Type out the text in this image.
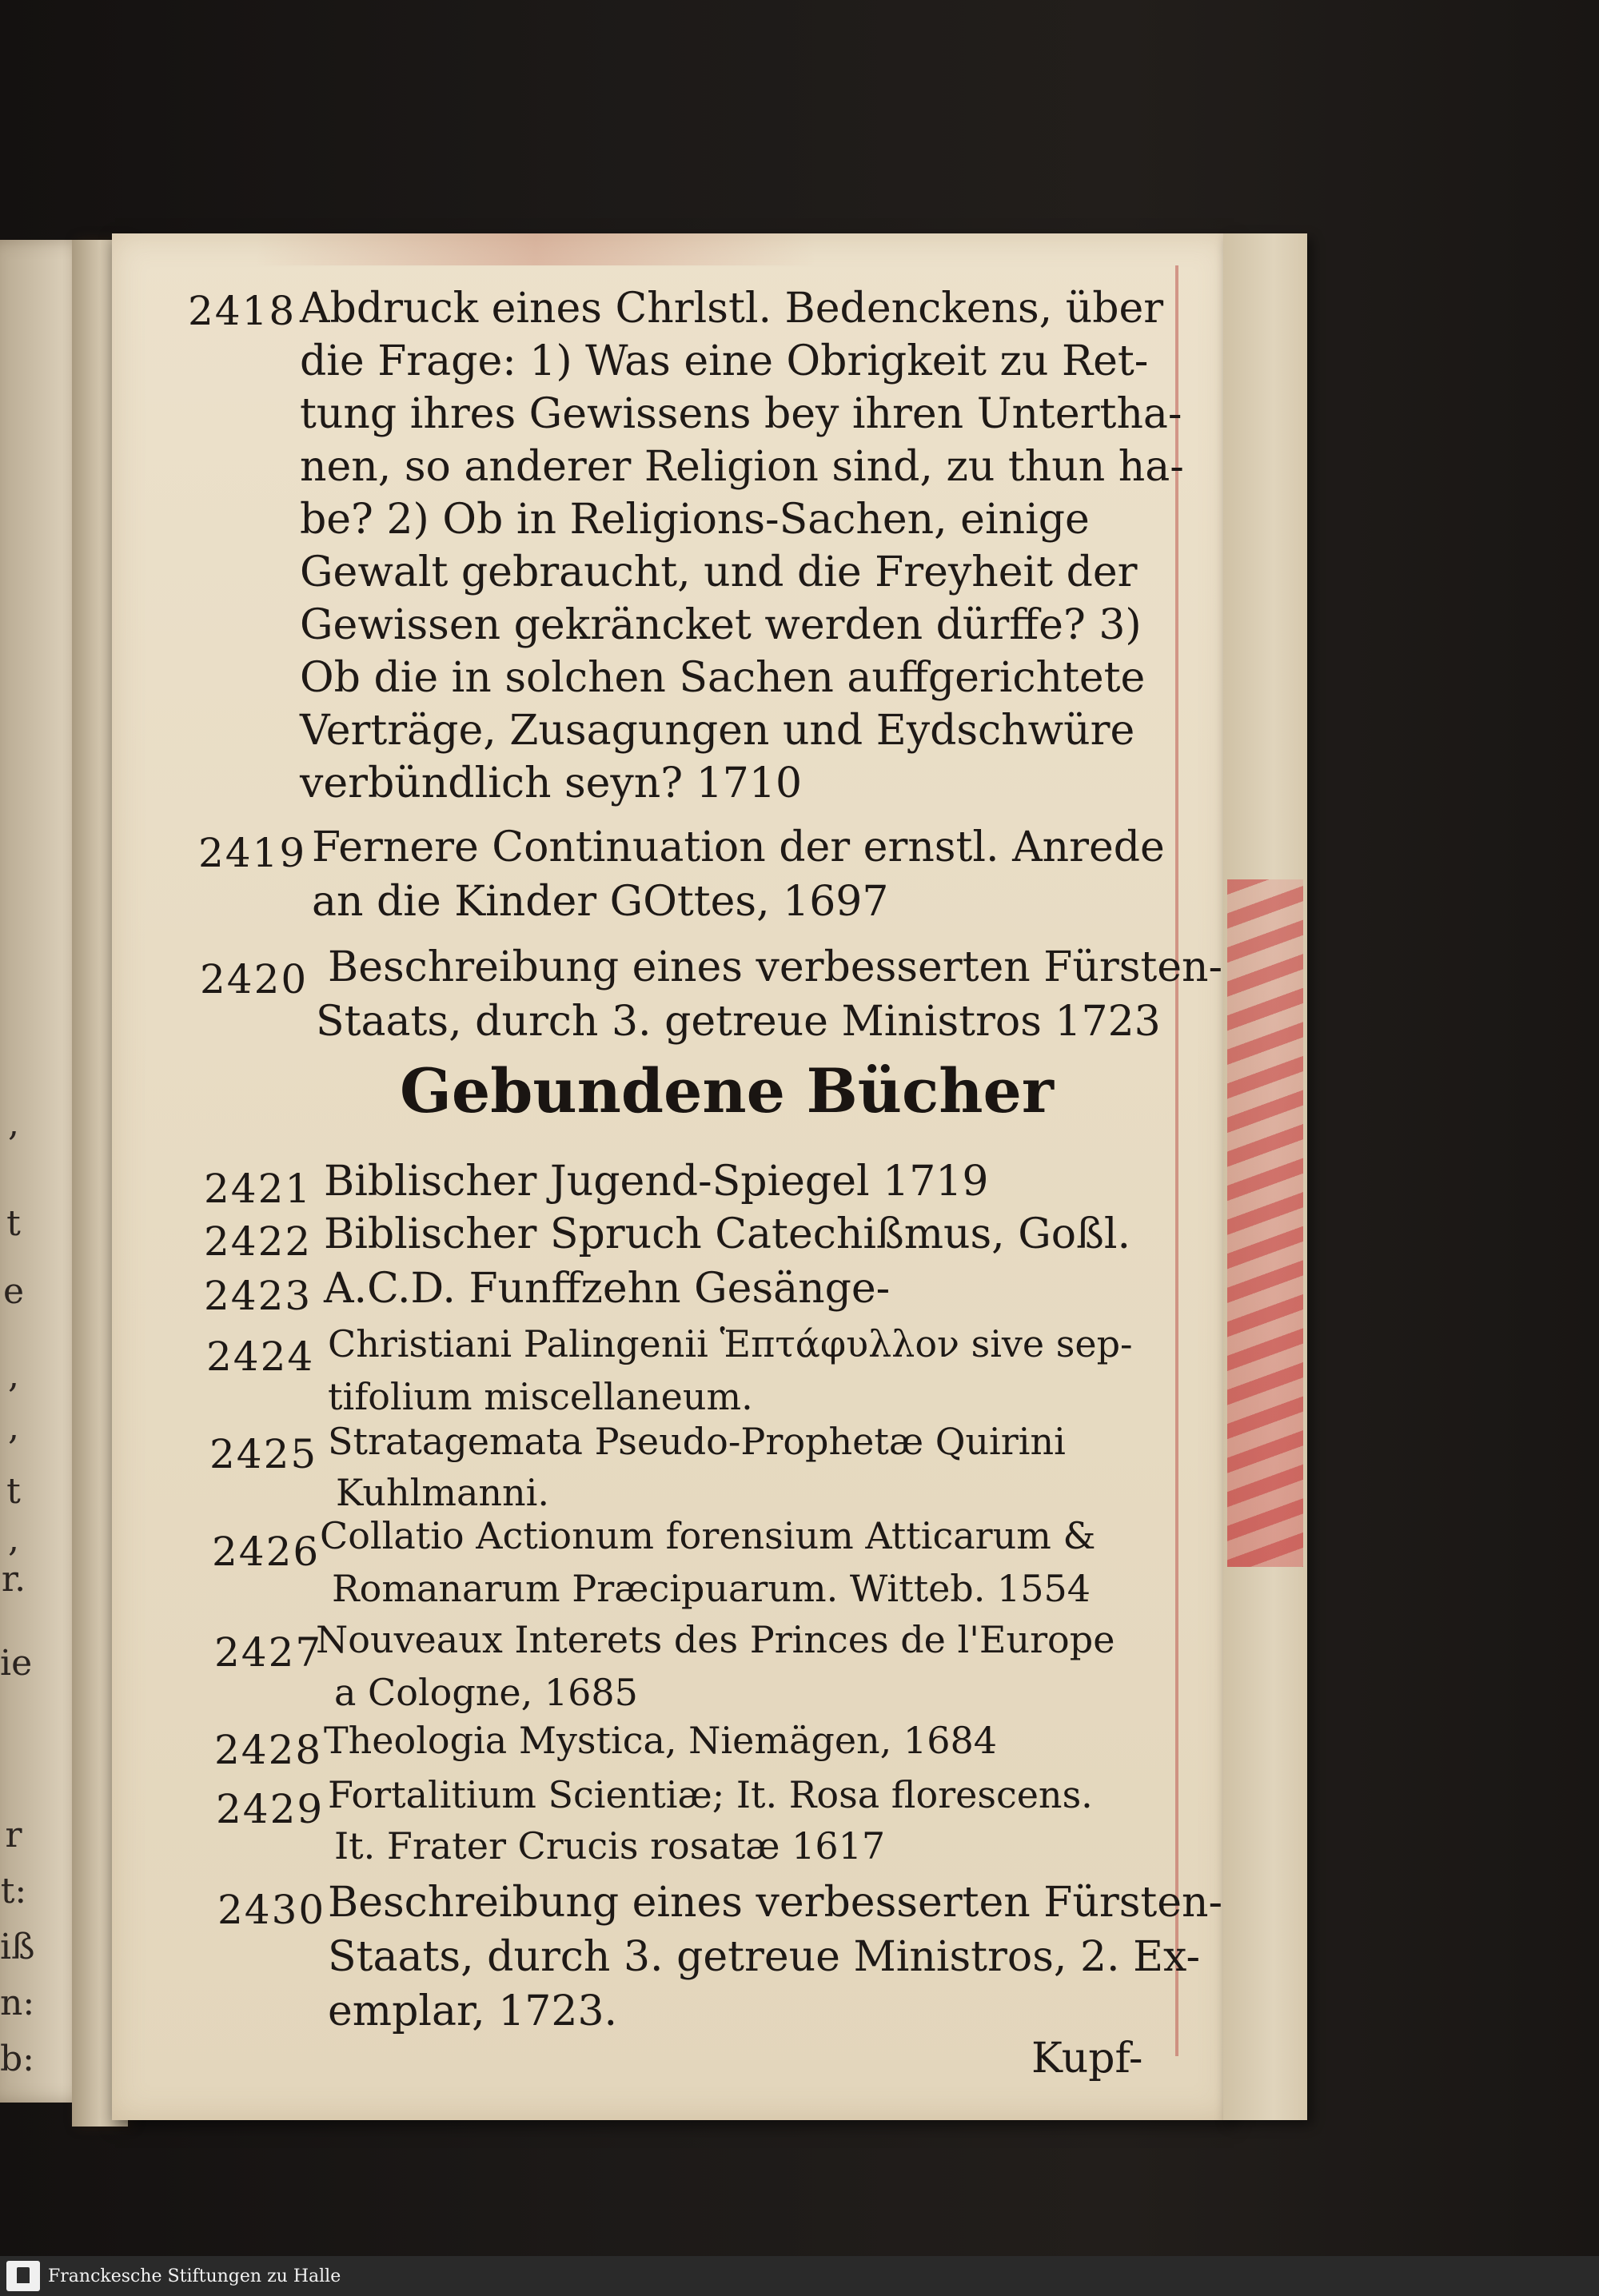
,
t
e
,
,
t
,
r.
ie
r
t:
iß
n:
b:
2418 Abdruck eines Chrlstl. Bedenckens, über
die Frage: 1) Was eine Obrigkeit zu Ret-
tung ihres Gewissens bey ihren Untertha-
nen, so anderer Religion sind, zu thun ha-
be? 2) Ob in Religions-Sachen, einige
Gewalt gebraucht, und die Freyheit der
Gewissen gekräncket werden dürffe? 3)
Ob die in solchen Sachen auffgerichtete
Verträge, Zusagungen und Eydschwüre
verbündlich seyn? 1710
2419 Fernere Continuation der ernstl. Anrede
an die Kinder GOttes, 1697
2420 Beschreibung eines verbesserten Fürsten-
Staats, durch 3. getreue Ministros 1723
Gebundene Bücher
2421 Biblischer Jugend-Spiegel 1719
2422 Biblischer Spruch Catechißmus, Goßl.
2423 A.C.D. Funffzehn Gesänge-
2424 Christiani Palingenii Ἑπτάφυλλον sive sep-
tifolium miscellaneum.
2425 Stratagemata Pseudo-Prophetæ Quirini
Kuhlmanni.
2426 Collatio Actionum forensium Atticarum &
Romanarum Præcipuarum. Witteb. 1554
2427
Nouveaux Interets des Princes de l'Europe
a Cologne, 1685
2428 Theologia Mystica, Niemägen, 1684
2429 Fortalitium Scientiæ; It. Rosa florescens.
It. Frater Crucis rosatæ 1617
2430 Beschreibung eines verbesserten Fürsten-
Staats, durch 3. getreue Ministros, 2. Ex-
emplar, 1723.
Kupf-
Franckesche Stiftungen zu Halle
